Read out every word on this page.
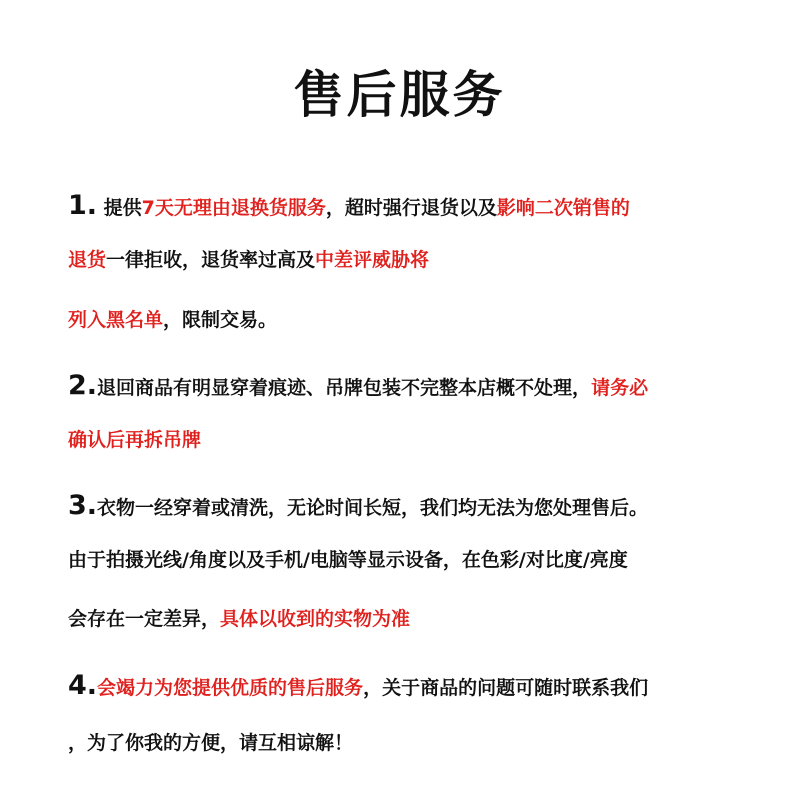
售后服务
1. 提供7天无理由退换货服务，超时强行退货以及影响二次销售的
退货一律拒收，退货率过高及中差评威胁将
列入黑名单，限制交易。
2.退回商品有明显穿着痕迹、吊牌包装不完整本店概不处理，请务必
确认后再拆吊牌
3.衣物一经穿着或清洗，无论时间长短，我们均无法为您处理售后。
由于拍摄光线/角度以及手机/电脑等显示设备，在色彩/对比度/亮度
会存在一定差异，具体以收到的实物为准
4.会竭力为您提供优质的售后服务，关于商品的问题可随时联系我们
，为了你我的方便，请互相谅解！
